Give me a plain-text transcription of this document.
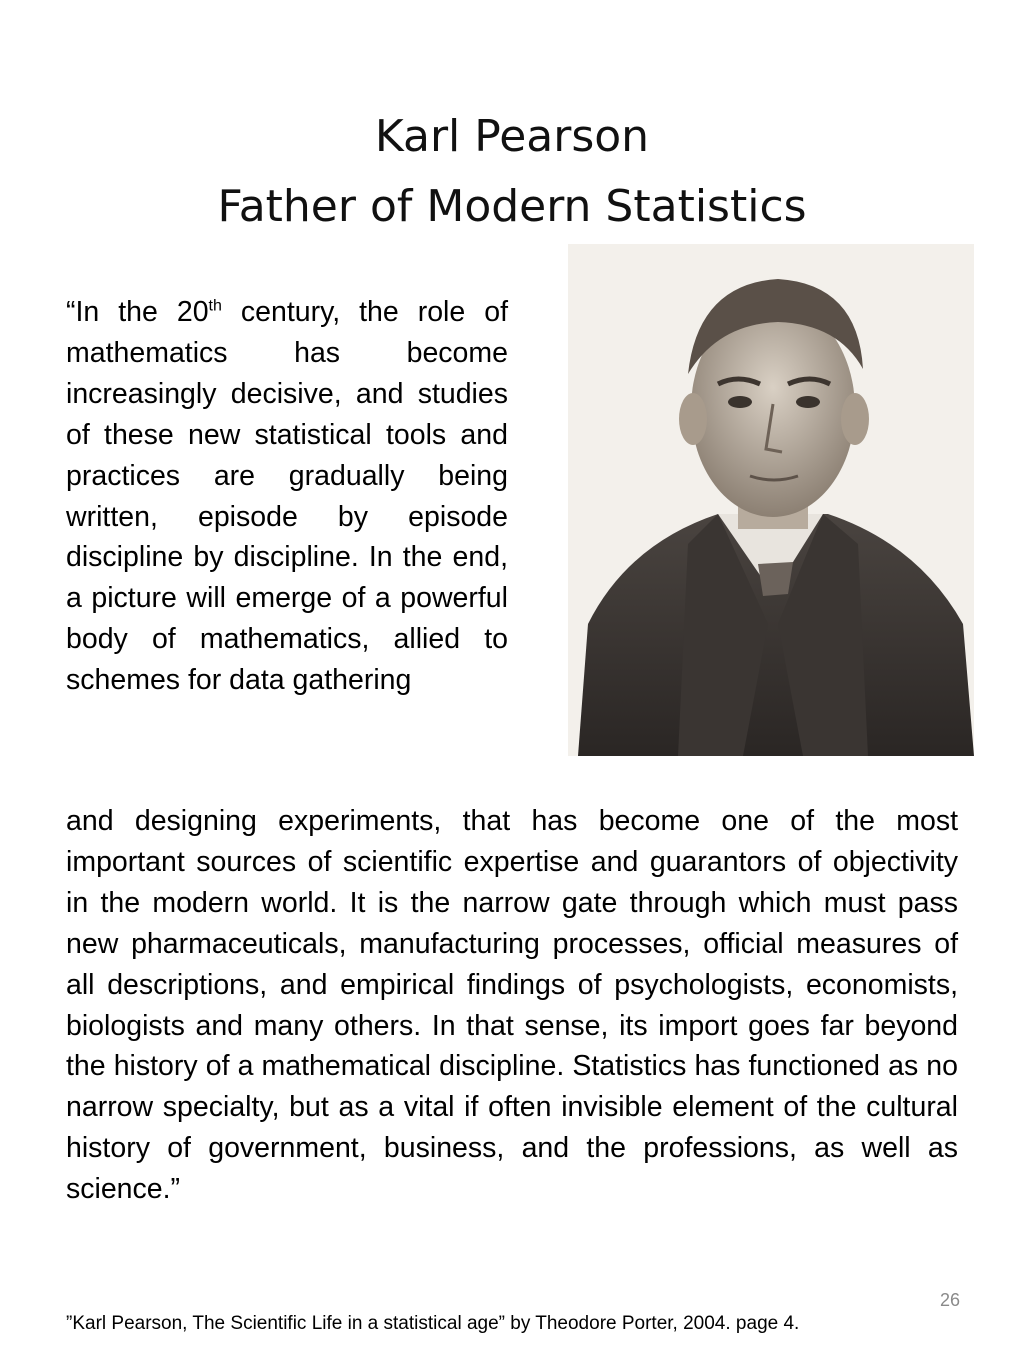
Karl Pearson
Father of Modern Statistics
“In the 20th century, the role of mathematics has become increasingly decisive, and studies of these new statistical tools and practices are gradually being written, episode by episode discipline by discipline. In the end, a picture will emerge of a powerful body of mathematics, allied to schemes for data gathering
and designing experiments, that has become one of the most important sources of scientific expertise and guarantors of objectivity in the modern world. It is the narrow gate through which must pass new pharmaceuticals, manufacturing processes, official measures of all descriptions, and empirical findings of psychologists, economists, biologists and many others. In that sense, its import goes far beyond the history of a mathematical discipline. Statistics has functioned as no narrow specialty, but as a vital if often invisible element of the cultural history of government, business, and the professions, as well as science.”
26
”Karl Pearson, The Scientific Life in a statistical age” by Theodore Porter, 2004. page 4.
